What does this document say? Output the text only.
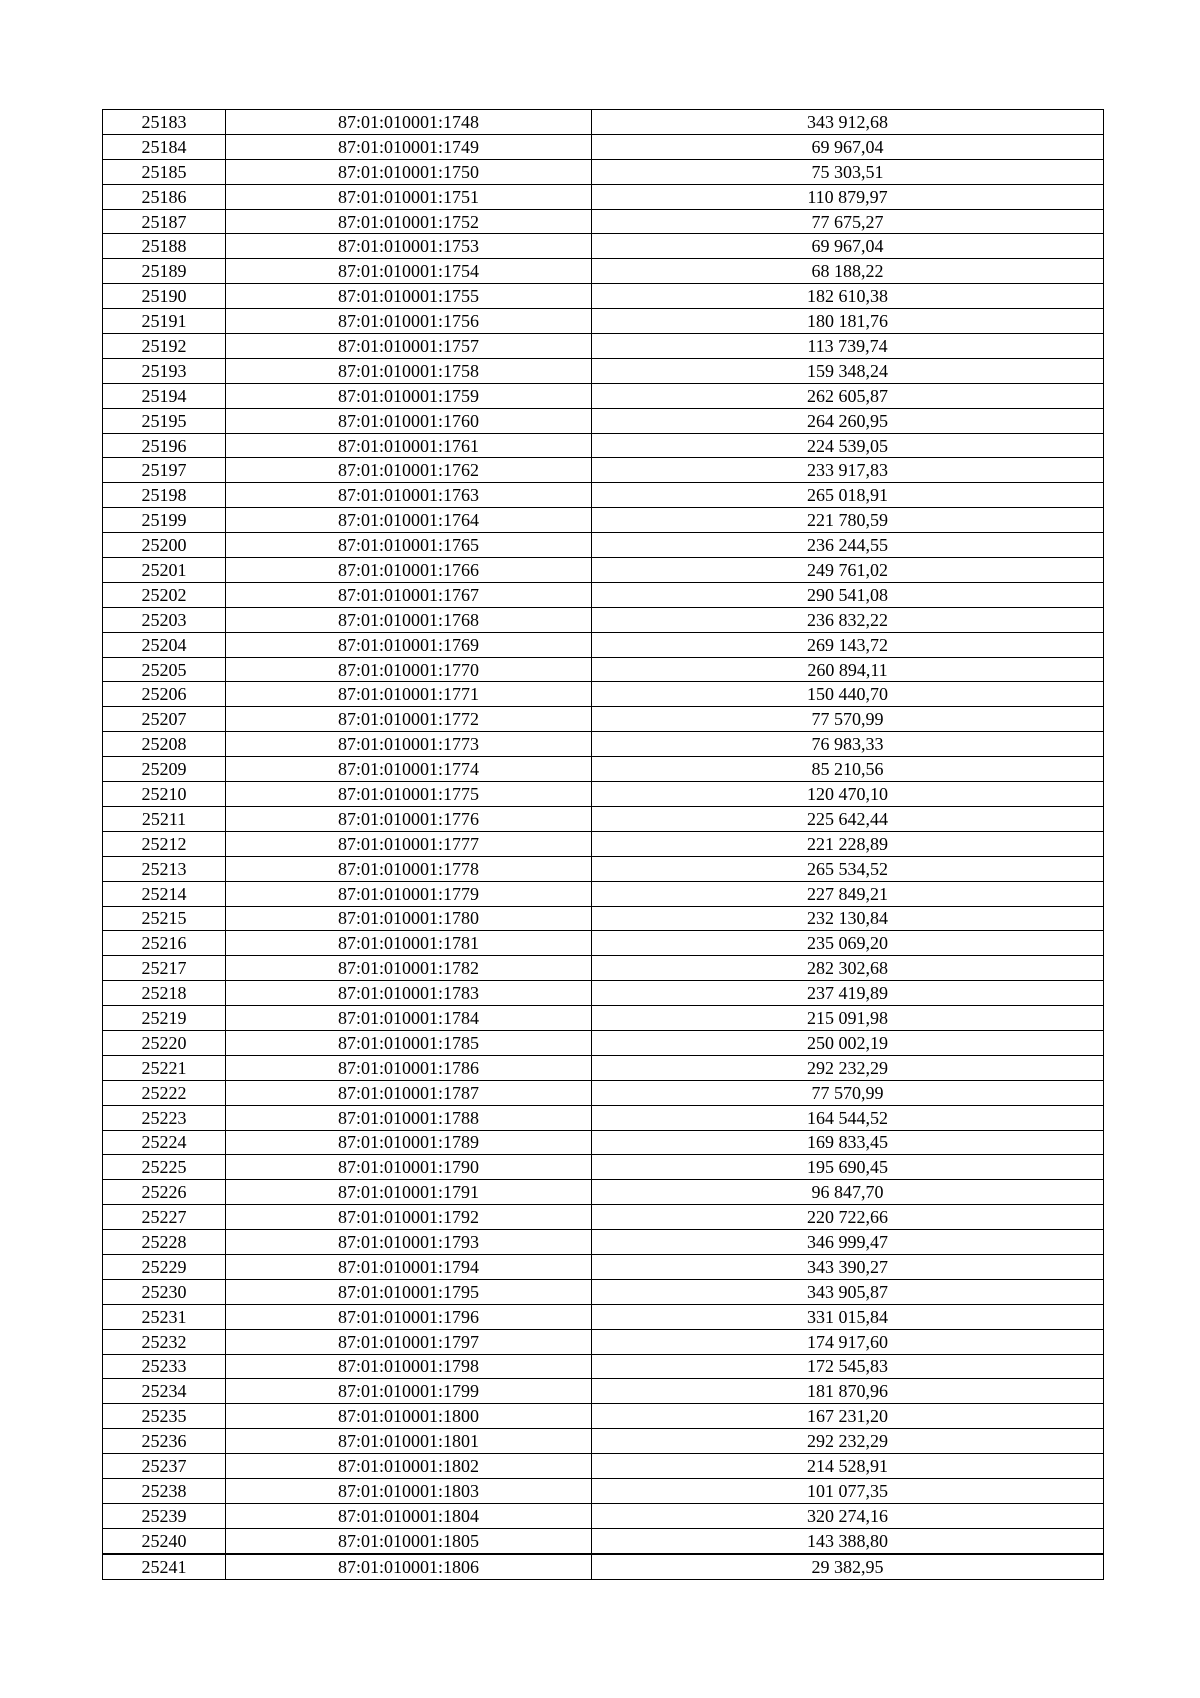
25183	87:01:010001:1748	343 912,68
25184	87:01:010001:1749	69 967,04
25185	87:01:010001:1750	75 303,51
25186	87:01:010001:1751	110 879,97
25187	87:01:010001:1752	77 675,27
25188	87:01:010001:1753	69 967,04
25189	87:01:010001:1754	68 188,22
25190	87:01:010001:1755	182 610,38
25191	87:01:010001:1756	180 181,76
25192	87:01:010001:1757	113 739,74
25193	87:01:010001:1758	159 348,24
25194	87:01:010001:1759	262 605,87
25195	87:01:010001:1760	264 260,95
25196	87:01:010001:1761	224 539,05
25197	87:01:010001:1762	233 917,83
25198	87:01:010001:1763	265 018,91
25199	87:01:010001:1764	221 780,59
25200	87:01:010001:1765	236 244,55
25201	87:01:010001:1766	249 761,02
25202	87:01:010001:1767	290 541,08
25203	87:01:010001:1768	236 832,22
25204	87:01:010001:1769	269 143,72
25205	87:01:010001:1770	260 894,11
25206	87:01:010001:1771	150 440,70
25207	87:01:010001:1772	77 570,99
25208	87:01:010001:1773	76 983,33
25209	87:01:010001:1774	85 210,56
25210	87:01:010001:1775	120 470,10
25211	87:01:010001:1776	225 642,44
25212	87:01:010001:1777	221 228,89
25213	87:01:010001:1778	265 534,52
25214	87:01:010001:1779	227 849,21
25215	87:01:010001:1780	232 130,84
25216	87:01:010001:1781	235 069,20
25217	87:01:010001:1782	282 302,68
25218	87:01:010001:1783	237 419,89
25219	87:01:010001:1784	215 091,98
25220	87:01:010001:1785	250 002,19
25221	87:01:010001:1786	292 232,29
25222	87:01:010001:1787	77 570,99
25223	87:01:010001:1788	164 544,52
25224	87:01:010001:1789	169 833,45
25225	87:01:010001:1790	195 690,45
25226	87:01:010001:1791	96 847,70
25227	87:01:010001:1792	220 722,66
25228	87:01:010001:1793	346 999,47
25229	87:01:010001:1794	343 390,27
25230	87:01:010001:1795	343 905,87
25231	87:01:010001:1796	331 015,84
25232	87:01:010001:1797	174 917,60
25233	87:01:010001:1798	172 545,83
25234	87:01:010001:1799	181 870,96
25235	87:01:010001:1800	167 231,20
25236	87:01:010001:1801	292 232,29
25237	87:01:010001:1802	214 528,91
25238	87:01:010001:1803	101 077,35
25239	87:01:010001:1804	320 274,16
25240	87:01:010001:1805	143 388,80
25241	87:01:010001:1806	29 382,95
